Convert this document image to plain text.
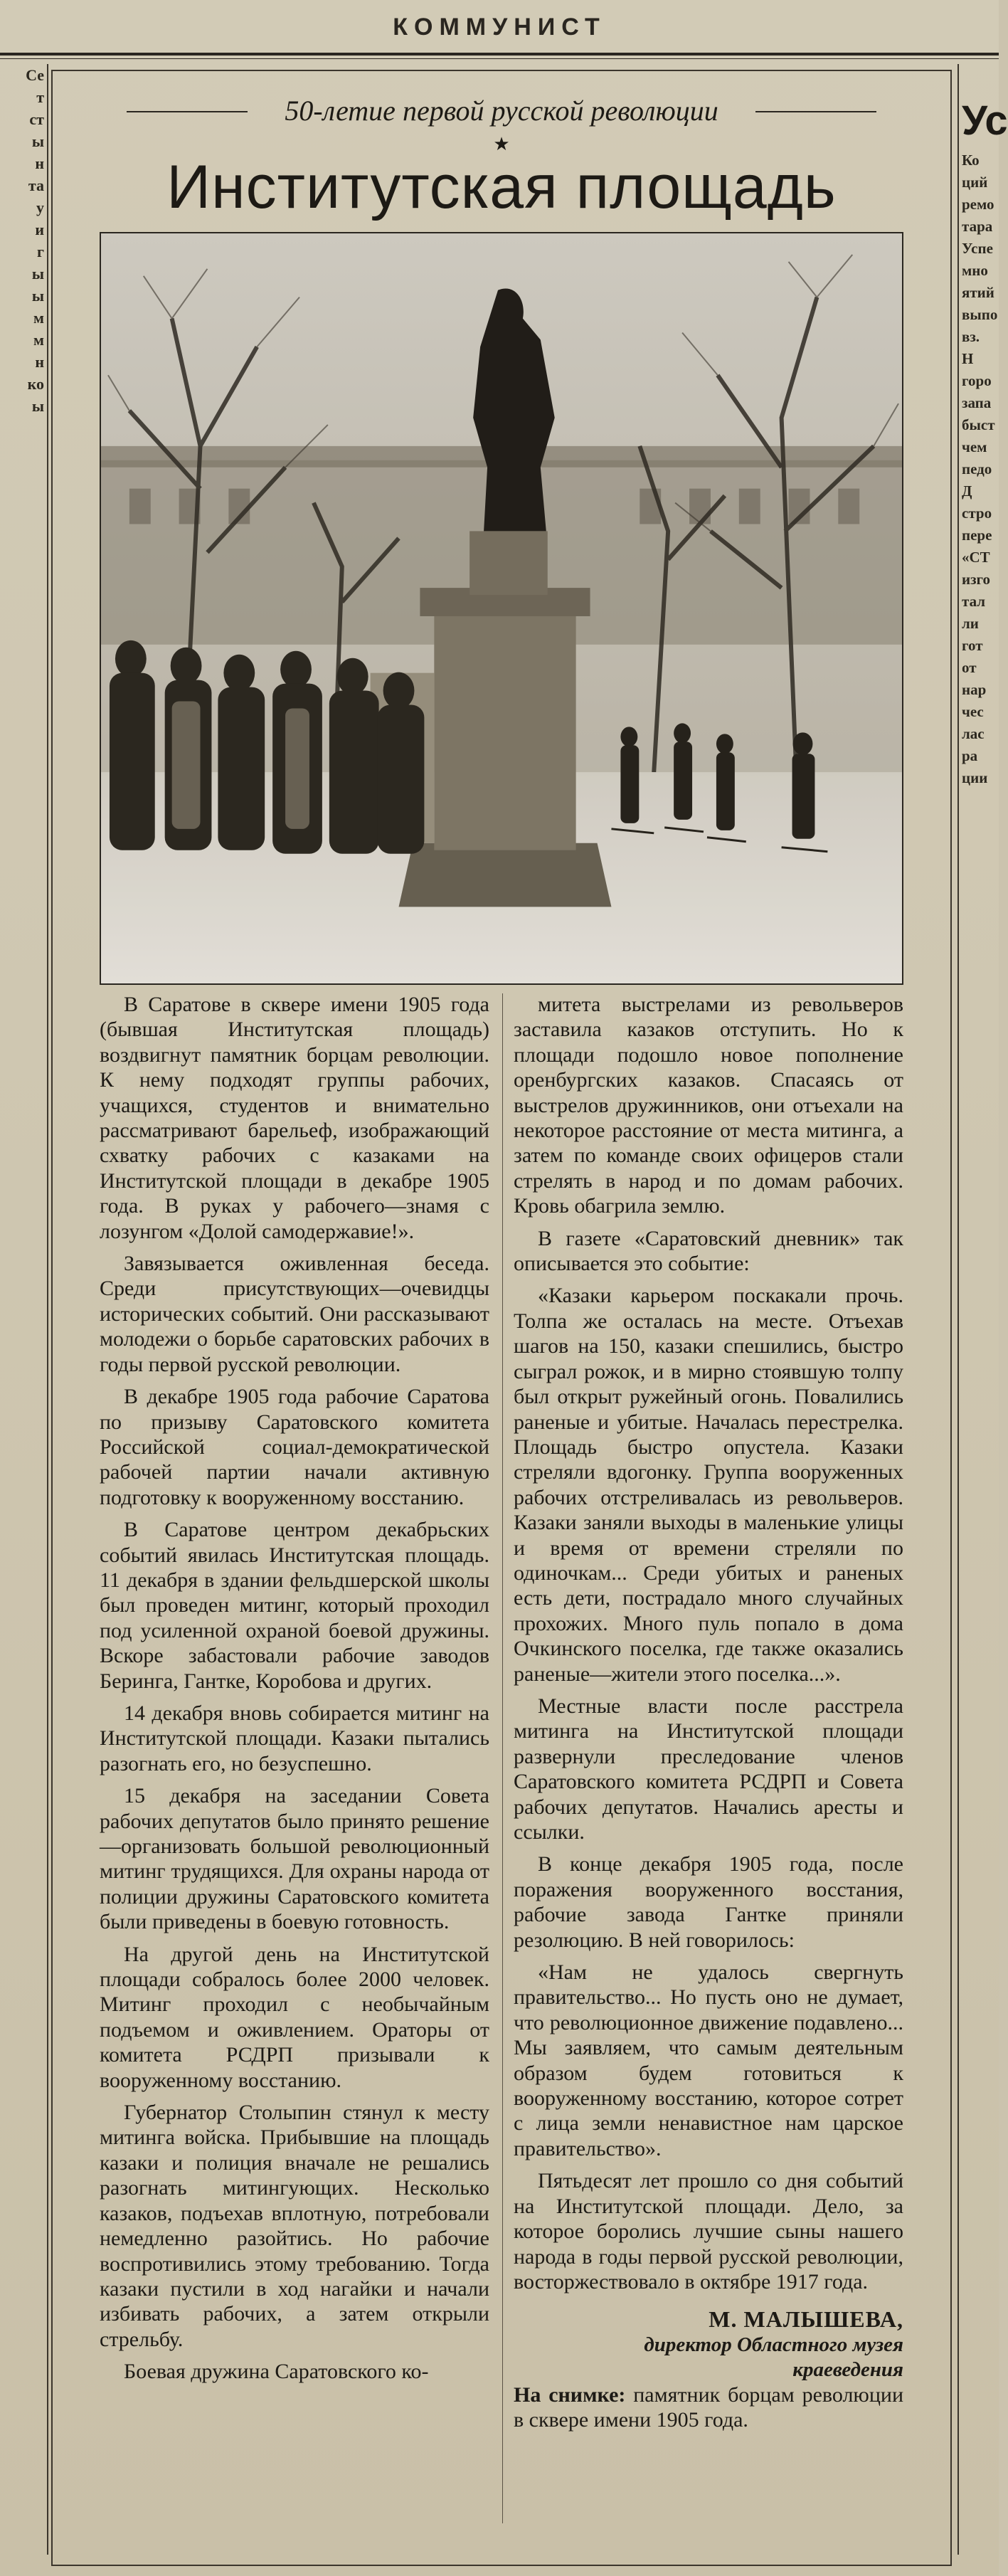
КОММУНИСТ
Се
т
ст
ы
н
та
у
и
г
ы
ы
м
м
н
ко
ы
Ус
Ко
ций
ремо
тара
Успе
мно
ятий
выпо
вз.
Н
горо
запа
быст
чем
педо
Д
стро
пере
«СТ
изго
тал
ли
гот
от
нар
чес
лас
ра
ции
50-летие первой русской революции
★
Институтская площадь

В Саратове в сквере имени 1905 года (бывшая Институтская площадь) воздвигнут памятник борцам революции. К нему подходят группы рабочих, учащихся, студентов и внимательно рассматривают барельеф, изображающий схватку рабочих с казаками на Институтской площади в декабре 1905 года. В руках у рабочего—знамя с лозунгом «Долой самодержавие!».

Завязывается оживленная беседа. Среди присутствующих—очевидцы исторических событий. Они рассказывают молодежи о борьбе саратовских рабочих в годы первой русской революции.

В декабре 1905 года рабочие Саратова по призыву Саратовского комитета Российской социал-демократической рабочей партии начали активную подготовку к вооруженному восстанию.

В Саратове центром декабрьских событий явилась Институтская площадь. 11 декабря в здании фельдшерской школы был проведен митинг, который проходил под усиленной охраной боевой дружины. Вскоре забастовали рабочие заводов Беринга, Гантке, Коробова и других.

14 декабря вновь собирается митинг на Институтской площади. Казаки пытались разогнать его, но безуспешно.

15 декабря на заседании Совета рабочих депутатов было принято решение—организовать большой революционный митинг трудящихся. Для охраны народа от полиции дружины Саратовского комитета были приведены в боевую готовность.

На другой день на Институтской площади собралось более 2000 человек. Митинг проходил с необычайным подъемом и оживлением. Ораторы от комитета РСДРП призывали к вооруженному восстанию.

Губернатор Столыпин стянул к месту митинга войска. Прибывшие на площадь казаки и полиция вначале не решались разогнать митингующих. Несколько казаков, подъехав вплотную, потребовали немедленно разойтись. Но рабочие воспротивились этому требованию. Тогда казаки пустили в ход нагайки и начали избивать рабочих, а затем открыли стрельбу.

Боевая дружина Саратовского ко-

митета выстрелами из револьверов заставила казаков отступить. Но к площади подошло новое пополнение оренбургских казаков. Спасаясь от выстрелов дружинников, они отъехали на некоторое расстояние от места митинга, а затем по команде своих офицеров стали стрелять в народ и по домам рабочих. Кровь обагрила землю.

В газете «Саратовский дневник» так описывается это событие:

«Казаки карьером поскакали прочь. Толпа же осталась на месте. Отъехав шагов на 150, казаки спешились, быстро сыграл рожок, и в мирно стоявшую толпу был открыт ружейный огонь. Повалились раненые и убитые. Началась перестрелка. Площадь быстро опустела. Казаки стреляли вдогонку. Группа вооруженных рабочих отстреливалась из револьверов. Казаки заняли выходы в маленькие улицы и время от времени стреляли по одиночкам... Среди убитых и раненых есть дети, пострадало много случайных прохожих. Много пуль попало в дома Очкинского поселка, где также оказались раненые—жители этого поселка...».

Местные власти после расстрела митинга на Институтской площади развернули преследование членов Саратовского комитета РСДРП и Совета рабочих депутатов. Начались аресты и ссылки.

В конце декабря 1905 года, после поражения вооруженного восстания, рабочие завода Гантке приняли резолюцию. В ней говорилось:

«Нам не удалось свергнуть правительство... Но пусть оно не думает, что революционное движение подавлено... Мы заявляем, что самым деятельным образом будем готовиться к вооруженному восстанию, которое сотрет с лица земли ненавистное нам царское правительство».

Пятьдесят лет прошло со дня событий на Институтской площади. Дело, за которое боролись лучшие сыны нашего народа в годы первой русской революции, восторжествовало в октябре 1917 года.

М. МАЛЫШЕВА,
директор Областного музея
краеведения

На снимке: памятник борцам революции в сквере имени 1905 года.
